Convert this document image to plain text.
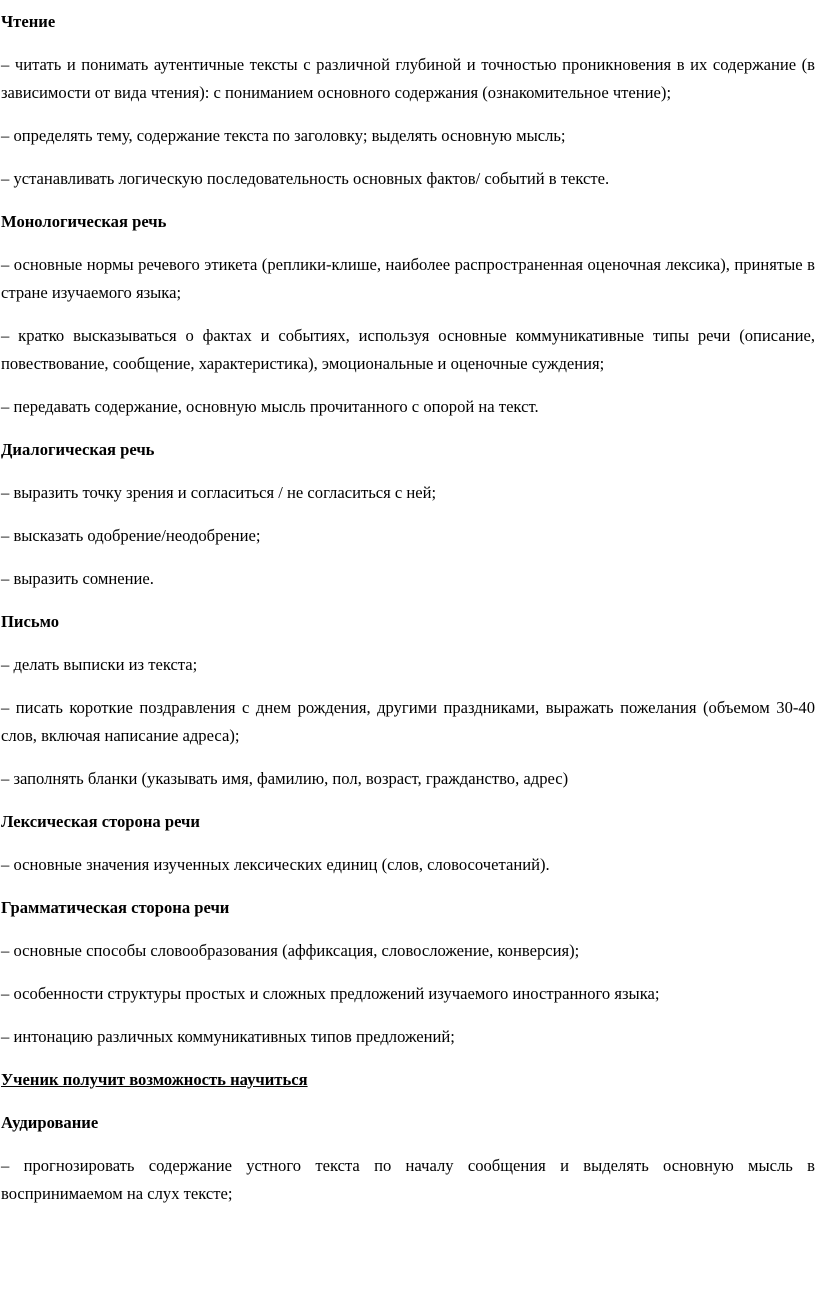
Чтение
– читать и понимать аутентичные тексты с различной глубиной и точностью проникновения в их содержание (в зависимости от вида чтения): с пониманием основного содержания (ознакомительное чтение);
– определять тему, содержание текста по заголовку; выделять основную мысль;
– устанавливать логическую последовательность основных фактов/ событий в тексте.
Монологическая речь
– основные нормы речевого этикета (реплики-клише, наиболее распространенная оценочная лексика), принятые в стране изучаемого языка;
– кратко высказываться о фактах и событиях, используя основные коммуникативные типы речи (описание, повествование, сообщение, характеристика), эмоциональные и оценочные суждения;
– передавать содержание, основную мысль прочитанного с опорой на текст.
Диалогическая речь
– выразить точку зрения и согласиться / не согласиться с ней;
– высказать одобрение/неодобрение;
– выразить сомнение.
Письмо
– делать выписки из текста;
– писать короткие поздравления с днем рождения, другими праздниками, выражать пожелания (объемом 30-40 слов, включая написание адреса);
– заполнять бланки (указывать имя, фамилию, пол, возраст, гражданство, адрес)
Лексическая сторона речи
– основные значения изученных лексических единиц (слов, словосочетаний).
Грамматическая сторона речи
– основные способы словообразования (аффиксация, словосложение, конверсия);
– особенности структуры простых и сложных предложений изучаемого иностранного языка;
– интонацию различных коммуникативных типов предложений;
Ученик получит возможность научиться
Аудирование
– прогнозировать содержание устного текста по началу сообщения и выделять основную мысль в воспринимаемом на слух тексте;
